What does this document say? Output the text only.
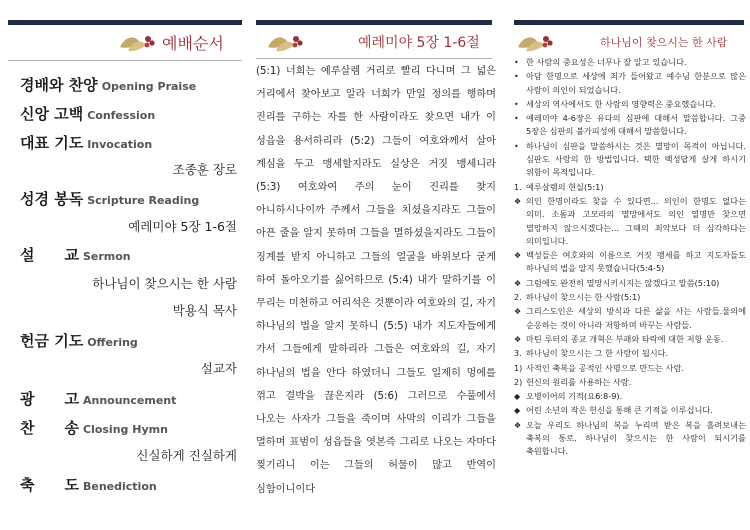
예배순서
경배와 찬양 Opening Praise
신앙 고백 Confession
대표 기도 Invocation
조종훈 장로
성경 봉독 Scripture Reading
예레미야 5장 1-6절
설　　교 Sermon
하나님이 찾으시는 한 사람
박용식 목사
헌금 기도 Offering
설교자
광　　고 Announcement
찬　　송 Closing Hymn
신실하게 진실하게
축　　도 Benediction
예레미야 5장 1-6절
(5:1) 너희는 예루살렘 거리로 빨리 다니며 그 넓은 거리에서 찾아보고 알라 너희가 만일 정의를 행하며 진리를 구하는 자를 한 사람이라도 찾으면 내가 이 성읍을 용서하리라 (5:2) 그들이 여호와께서 살아 계심을 두고 맹세할지라도 실상은 거짓 맹세니라 (5:3) 여호와여 주의 눈이 진리를 찾지 아니하시나이까 주께서 그들을 치셨을지라도 그들이 아픈 줄을 알지 못하며 그들을 멸하셨을지라도 그들이 징계를 받지 아니하고 그들의 얼굴을 바위보다 굳게 하여 돌아오기를 싫어하므로 (5:4) 내가 말하기를 이 무리는 미천하고 어리석은 것뿐이라 여호와의 길, 자기 하나님의 법을 알지 못하니 (5:5) 내가 지도자들에게 가서 그들에게 말하리라 그들은 여호와의 길, 자기 하나님의 법을 안다 하였더니 그들도 일제히 멍에를 꺾고 결박을 끊은지라 (5:6) 그러므로 수풀에서 나오는 사자가 그들을 죽이며 사막의 이리가 그들을 멸하며 표범이 성읍들을 엿본즉 그리로 나오는 자마다 찢기리니 이는 그들의 허물이 많고 반역이 심함이니이다
하나님이 찾으시는 한 사람
• 한 사람의 중요성은 너무나 잘 알고 있습니다.
• 아담 한명으로 세상에 죄가 들어왔고 예수님 한분으로 많은 사람이 의인이 되었습니다.
• 세상의 역사에서도 한 사람의 영향력은 중요했습니다.
• 예레미야 4-6장은 유다의 심판에 대해서 말씀합니다. 그중 5장은 심판의 불가피성에 대해서 말씀합니다.
• 하나님이 심판을 말씀하시는 것은 멸망이 목적이 아닙니다. 심판도 사랑의 한 방법입니다. 택한 백성답게 살게 하시기 위함이 목적입니다.
1. 예루살렘의 현실(5:1)
❖ 의인 한명이라도 찾을 수 있다면... 의인이 한명도 없다는 의미. 소돔과 고모라의 멸망에서도 의인 열명만 찾으면 멸망하지 않으시겠다는... 그때의 죄악보다 더 심각하다는 의미입니다.
❖ 백성들은 여호와의 이름으로 거짓 맹세를 하고 지도자들도 하나님의 법을 알지 못했습니다(5:4-5)
❖ 그럼에도 완전히 멸망시키시지는 않겠다고 말씀(5:10)
2. 하나님이 찾으시는 한 사람(5:1)
❖ 그리스도인은 세상의 방식과 다른 삶을 사는 사람들.물의에 순응하는 것이 아니라 저항하며 바꾸는 사람들.
❖ 마틴 루터의 종교 개혁은 부패와 타락에 대한 저항 운동.
3. 하나님이 찾으시는 그 한 사람이 됩시다.
1) 사적인 축복을 공적인 사명으로 만드는 사람.
2) 헌신의 원리를 사용하는 사람.
◆ 오병이어의 기적(요6:8-9).
◆ 어린 소년의 작은 헌신을 통해 큰 기적을 이루십니다.
❖ 오늘 우리도 하나님의 복을 누리며 받은 복을 흘려보내는 축복의 통로. 하나님이 찾으시는 한 사람이 되시기를 축원합니다.
